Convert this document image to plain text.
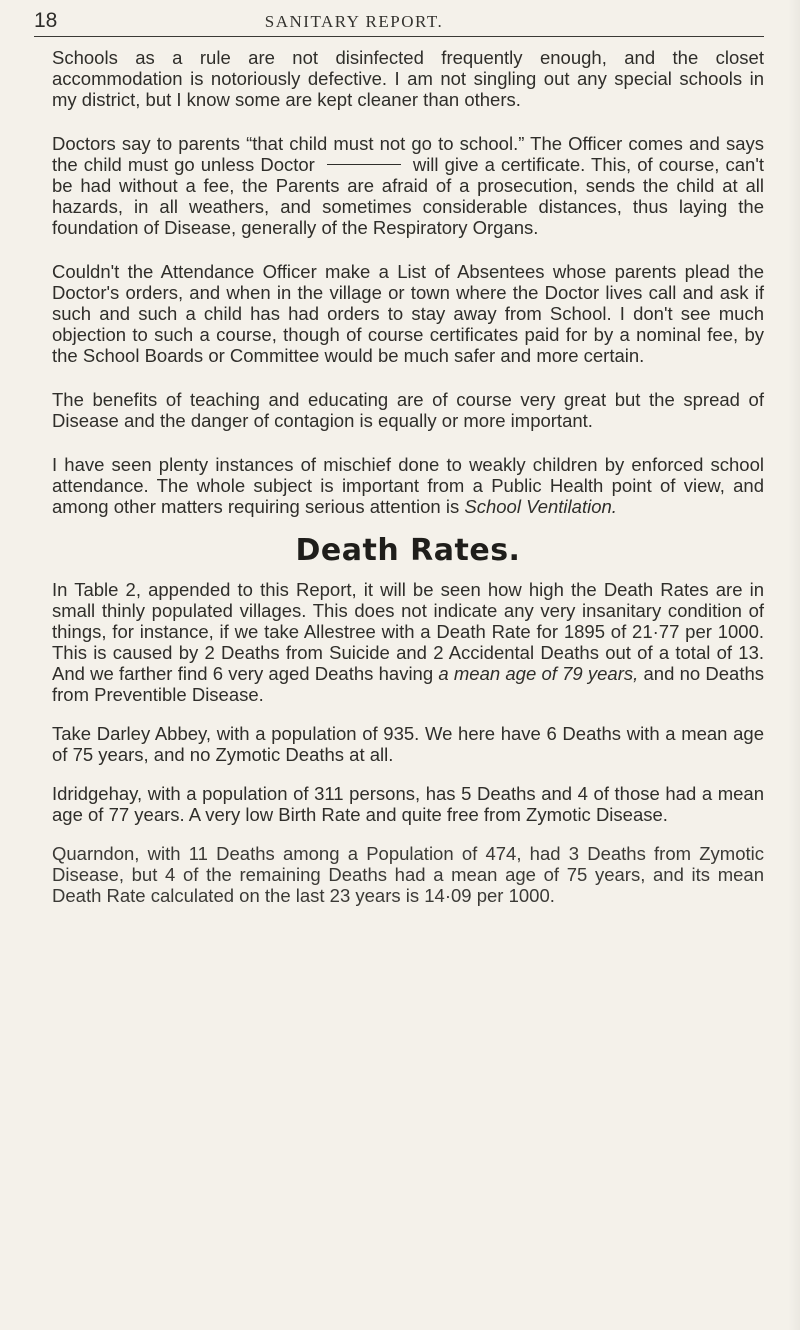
18	SANITARY REPORT.

Schools as a rule are not disinfected frequently enough, and the closet accommodation is notoriously defective. I am not singling out any special schools in my district, but I know some are kept cleaner than others.

Doctors say to parents “that child must not go to school.” The Officer comes and says the child must go unless Doctor	will give a certificate. This, of course, can't be had without a fee, the Parents are afraid of a prosecution, sends the child at all hazards, in all weathers, and sometimes considerable distances, thus laying the foundation of Disease, generally of the Respiratory Organs.

Couldn't the Attendance Officer make a List of Absentees whose parents plead the Doctor's orders, and when in the village or town where the Doctor lives call and ask if such and such a child has had orders to stay away from School. I don't see much objection to such a course, though of course certificates paid for by a nominal fee, by the School Boards or Committee would be much safer and more certain.

The benefits of teaching and educating are of course very great but the spread of Disease and the danger of contagion is equally or more important.

I have seen plenty instances of mischief done to weakly children by enforced school attendance. The whole subject is important from a Public Health point of view, and among other matters requiring serious attention is School Ventilation.

Death Rates.

In Table 2, appended to this Report, it will be seen how high the Death Rates are in small thinly populated villages. This does not indicate any very insanitary condition of things, for instance, if we take Allestree with a Death Rate for 1895 of 21·77 per 1000. This is caused by 2 Deaths from Suicide and 2 Accidental Deaths out of a total of 13. And we farther find 6 very aged Deaths having a mean age of 79 years, and no Deaths from Preventible Disease.

Take Darley Abbey, with a population of 935. We here have 6 Deaths with a mean age of 75 years, and no Zymotic Deaths at all.

Idridgehay, with a population of 311 persons, has 5 Deaths and 4 of those had a mean age of 77 years. A very low Birth Rate and quite free from Zymotic Disease.

Quarndon, with 11 Deaths among a Population of 474, had 3 Deaths from Zymotic Disease, but 4 of the remaining Deaths had a mean age of 75 years, and its mean Death Rate calculated on the last 23 years is 14·09 per 1000.
